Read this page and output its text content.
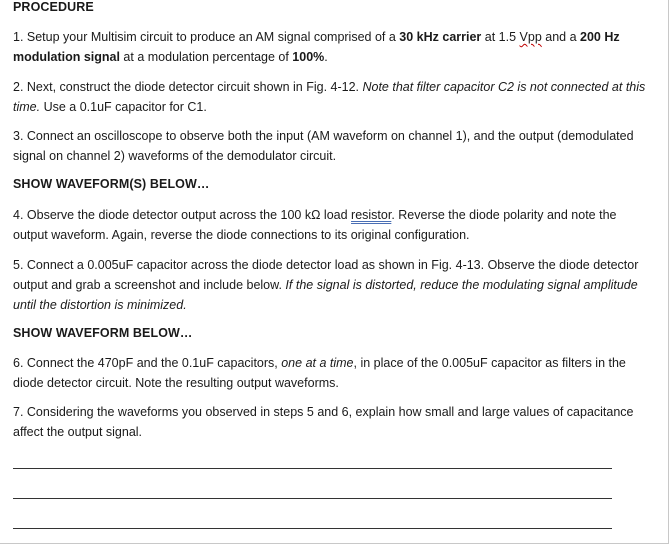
PROCEDURE
1. Setup your Multisim circuit to produce an AM signal comprised of a 30 kHz carrier at 1.5 Vpp and a 200 Hz modulation signal at a modulation percentage of 100%.
2. Next, construct the diode detector circuit shown in Fig. 4-12. Note that filter capacitor C2 is not connected at this time. Use a 0.1uF capacitor for C1.
3. Connect an oscilloscope to observe both the input (AM waveform on channel 1), and the output (demodulated signal on channel 2) waveforms of the demodulator circuit.
SHOW WAVEFORM(S) BELOW…
4. Observe the diode detector output across the 100 kΩ load resistor. Reverse the diode polarity and note the output waveform. Again, reverse the diode connections to its original configuration.
5. Connect a 0.005uF capacitor across the diode detector load as shown in Fig. 4-13. Observe the diode detector output and grab a screenshot and include below. If the signal is distorted, reduce the modulating signal amplitude until the distortion is minimized.
SHOW WAVEFORM BELOW…
6. Connect the 470pF and the 0.1uF capacitors, one at a time, in place of the 0.005uF capacitor as filters in the diode detector circuit. Note the resulting output waveforms.
7. Considering the waveforms you observed in steps 5 and 6, explain how small and large values of capacitance affect the output signal.
